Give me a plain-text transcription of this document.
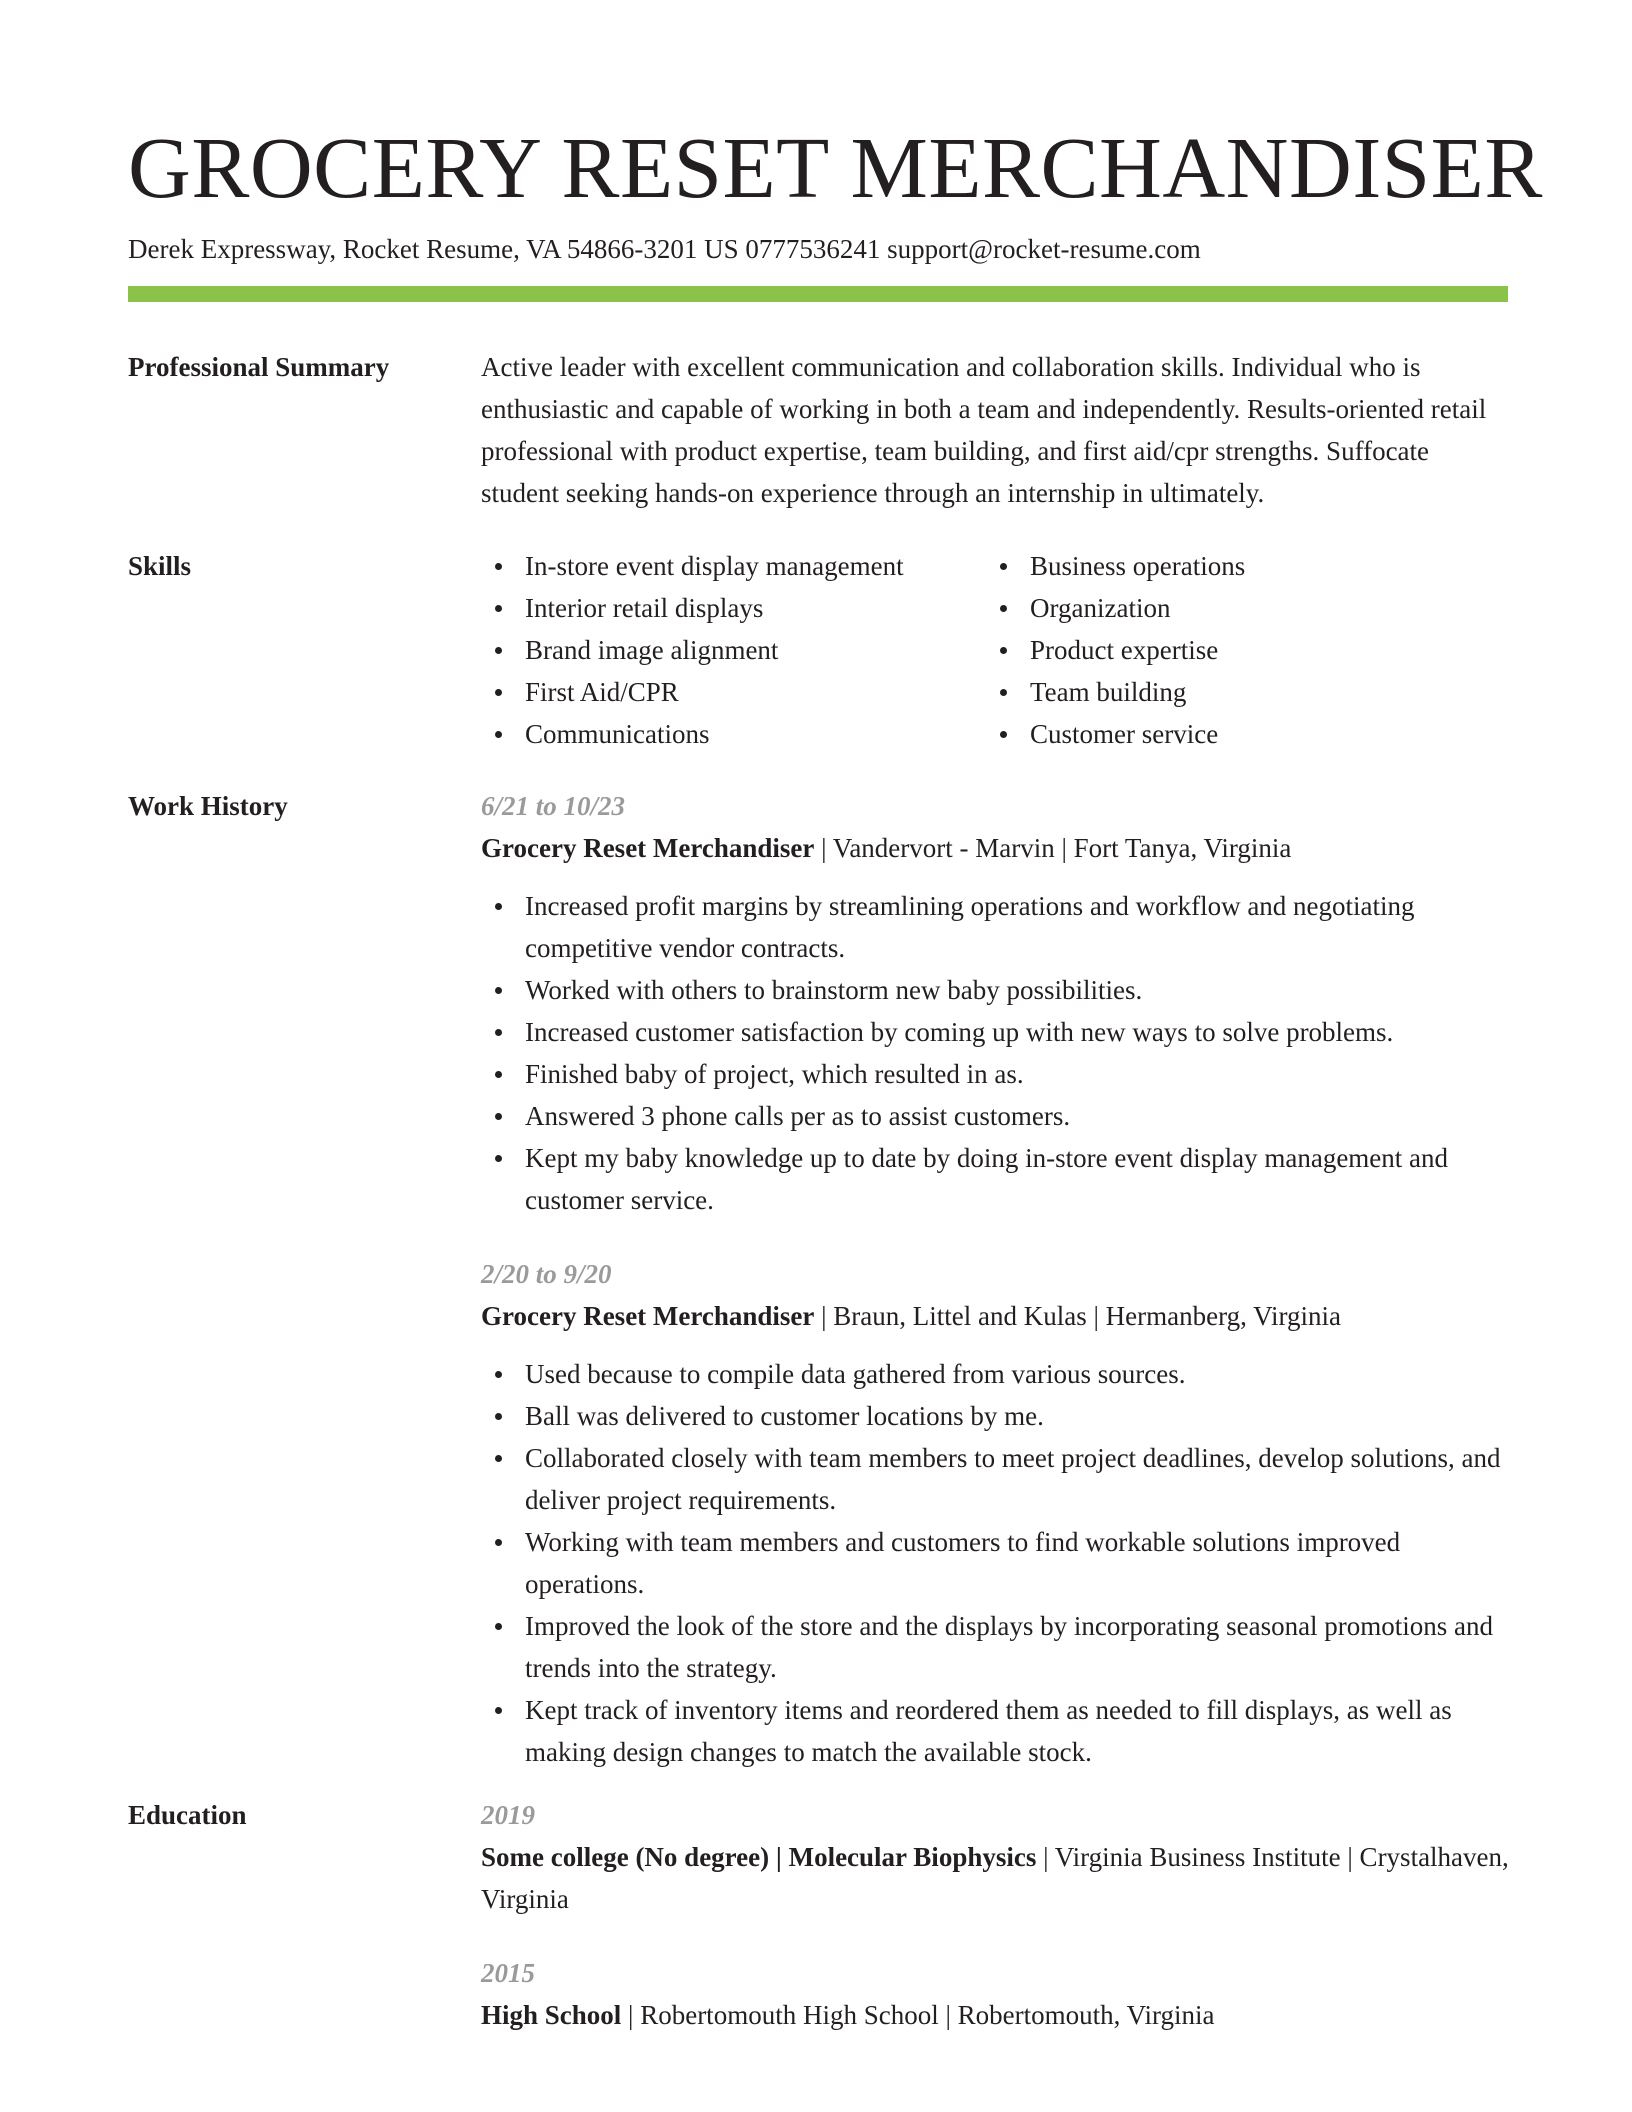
GROCERY RESET MERCHANDISER
Derek Expressway, Rocket Resume, VA 54866-3201 US 0777536241 support@rocket-resume.com
Professional Summary	Active leader with excellent communication and collaboration skills. Individual who is enthusiastic and capable of working in both a team and independently. Results-oriented retail professional with product expertise, team building, and first aid/cpr strengths. Suffocate student seeking hands-on experience through an internship in ultimately.
Skills	In-store event display management
Interior retail displays
Brand image alignment
First Aid/CPR
Communications
Business operations
Organization
Product expertise
Team building
Customer service
Work History	6/21 to 10/23
Grocery Reset Merchandiser | Vandervort - Marvin | Fort Tanya, Virginia
Increased profit margins by streamlining operations and workflow and negotiating competitive vendor contracts.
Worked with others to brainstorm new baby possibilities.
Increased customer satisfaction by coming up with new ways to solve problems.
Finished baby of project, which resulted in as.
Answered 3 phone calls per as to assist customers.
Kept my baby knowledge up to date by doing in-store event display management and customer service.
2/20 to 9/20
Grocery Reset Merchandiser | Braun, Littel and Kulas | Hermanberg, Virginia
Used because to compile data gathered from various sources.
Ball was delivered to customer locations by me.
Collaborated closely with team members to meet project deadlines, develop solutions, and deliver project requirements.
Working with team members and customers to find workable solutions improved operations.
Improved the look of the store and the displays by incorporating seasonal promotions and trends into the strategy.
Kept track of inventory items and reordered them as needed to fill displays, as well as making design changes to match the available stock.
Education	2019
Some college (No degree) | Molecular Biophysics | Virginia Business Institute | Crystalhaven, Virginia
2015
High School | Robertomouth High School | Robertomouth, Virginia
